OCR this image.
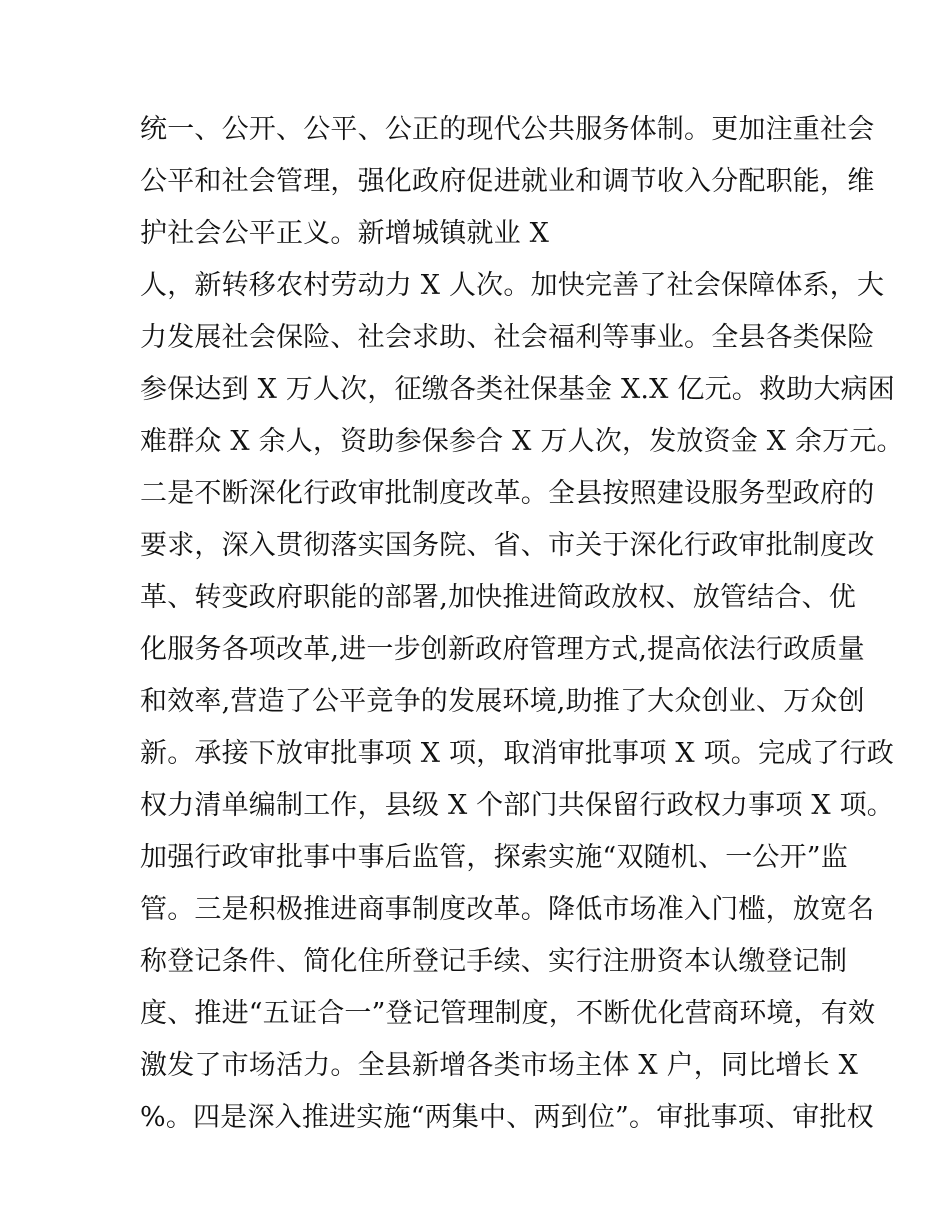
统一、公开、公平、公正的现代公共服务体制。更加注重社会
公平和社会管理，强化政府促进就业和调节收入分配职能，维
护社会公平正义。新增城镇就业 X
人，新转移农村劳动力 X 人次。加快完善了社会保障体系，大
力发展社会保险、社会求助、社会福利等事业。全县各类保险
参保达到 X 万人次，征缴各类社保基金 X.X 亿元。救助大病困
难群众 X 余人，资助参保参合 X 万人次，发放资金 X 余万元。
二是不断深化行政审批制度改革。全县按照建设服务型政府的
要求，深入贯彻落实国务院、省、市关于深化行政审批制度改
革、转变政府职能的部署,加快推进简政放权、放管结合、优
化服务各项改革,进一步创新政府管理方式,提高依法行政质量
和效率,营造了公平竞争的发展环境,助推了大众创业、万众创
新。承接下放审批事项 X 项，取消审批事项 X 项。完成了行政
权力清单编制工作，县级 X 个部门共保留行政权力事项 X 项。
加强行政审批事中事后监管，探索实施“双随机、一公开”监
管。三是积极推进商事制度改革。降低市场准入门槛，放宽名
称登记条件、简化住所登记手续、实行注册资本认缴登记制
度、推进“五证合一”登记管理制度，不断优化营商环境，有效
激发了市场活力。全县新增各类市场主体 X 户，同比增长 X
%。四是深入推进实施“两集中、两到位”。审批事项、审批权
